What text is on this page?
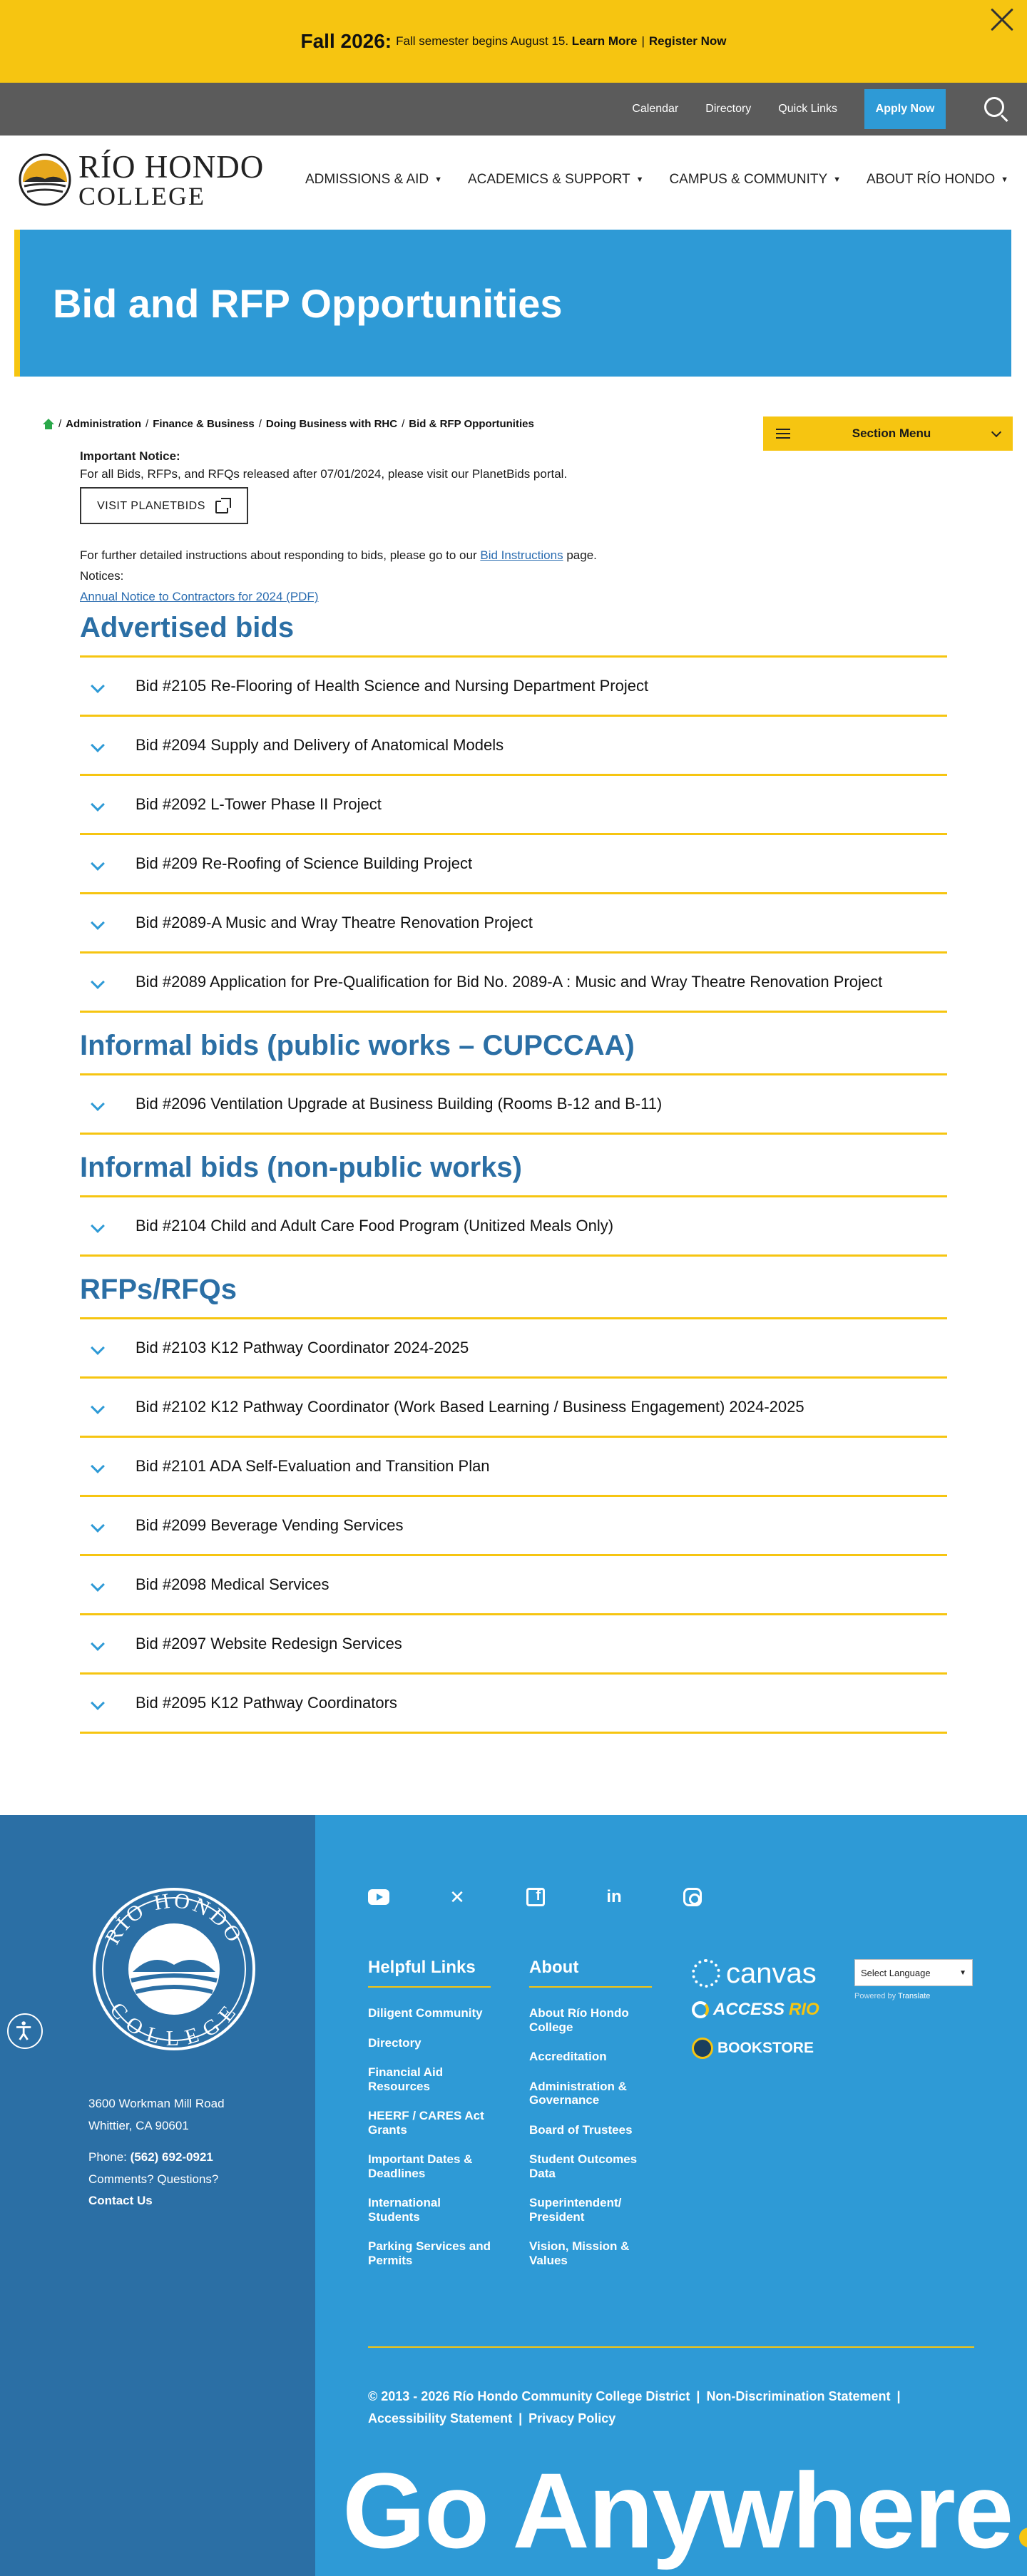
Fall 2026: Fall semester begins August 15.
Learn More | Register Now
Calendar Directory Quick Links	Apply Now
RÍO HONDO
COLLEGE
ADMISSIONS & AID ▼ ACADEMICS & SUPPORT ▼ CAMPUS & COMMUNITY ▼ ABOUT RÍO HONDO ▼
Bid and RFP Opportunities
/ Administration / Finance & Business / Doing Business with RHC / Bid & RFP Opportunities
Section Menu
Important Notice:
For all Bids, RFPs, and RFQs released after 07/01/2024, please visit our PlanetBids portal.
VISIT PLANETBIDS
For further detailed instructions about responding to bids, please go to our Bid Instructions page.
Notices:
Annual Notice to Contractors for 2024 (PDF)
Advertised bids
Bid #2105 Re-Flooring of Health Science and Nursing Department Project
Bid #2094 Supply and Delivery of Anatomical Models
Bid #2092 L-Tower Phase II Project
Bid #209 Re-Roofing of Science Building Project
Bid #2089-A Music and Wray Theatre Renovation Project
Bid #2089 Application for Pre-Qualification for Bid No. 2089-A : Music and Wray Theatre Renovation Project
Informal bids (public works – CUPCCAA)
Bid #2096 Ventilation Upgrade at Business Building (Rooms B-12 and B-11)
Informal bids (non-public works)
Bid #2104 Child and Adult Care Food Program (Unitized Meals Only)
RFPs/RFQs
Bid #2103 K12 Pathway Coordinator 2024-2025
Bid #2102 K12 Pathway Coordinator (Work Based Learning / Business Engagement) 2024-2025
Bid #2101 ADA Self-Evaluation and Transition Plan
Bid #2099 Beverage Vending Services
Bid #2098 Medical Services
Bid #2097 Website Redesign Services
Bid #2095 K12 Pathway Coordinators
RÍO HONDO
COLLEGE
3600 Workman Mill Road
Whittier, CA 90601
Phone: (562) 692-0921
Comments? Questions?
Contact Us
✕	f	in
Helpful Links
Diligent Community
Directory
Financial Aid Resources
HEERF / CARES Act Grants
Important Dates & Deadlines
International Students
Parking Services and Permits
About
About Río Hondo College
Accreditation
Administration & Governance
Board of Trustees
Student Outcomes Data
Superintendent/ President
Vision, Mission & Values
canvas
ACCESS RIO
BOOKSTORE
Select Language	▼
Powered by Translate
© 2013 - 2026 Río Hondo Community College District | Non-Discrimination Statement |
Accessibility Statement | Privacy Policy
Go Anywhere
